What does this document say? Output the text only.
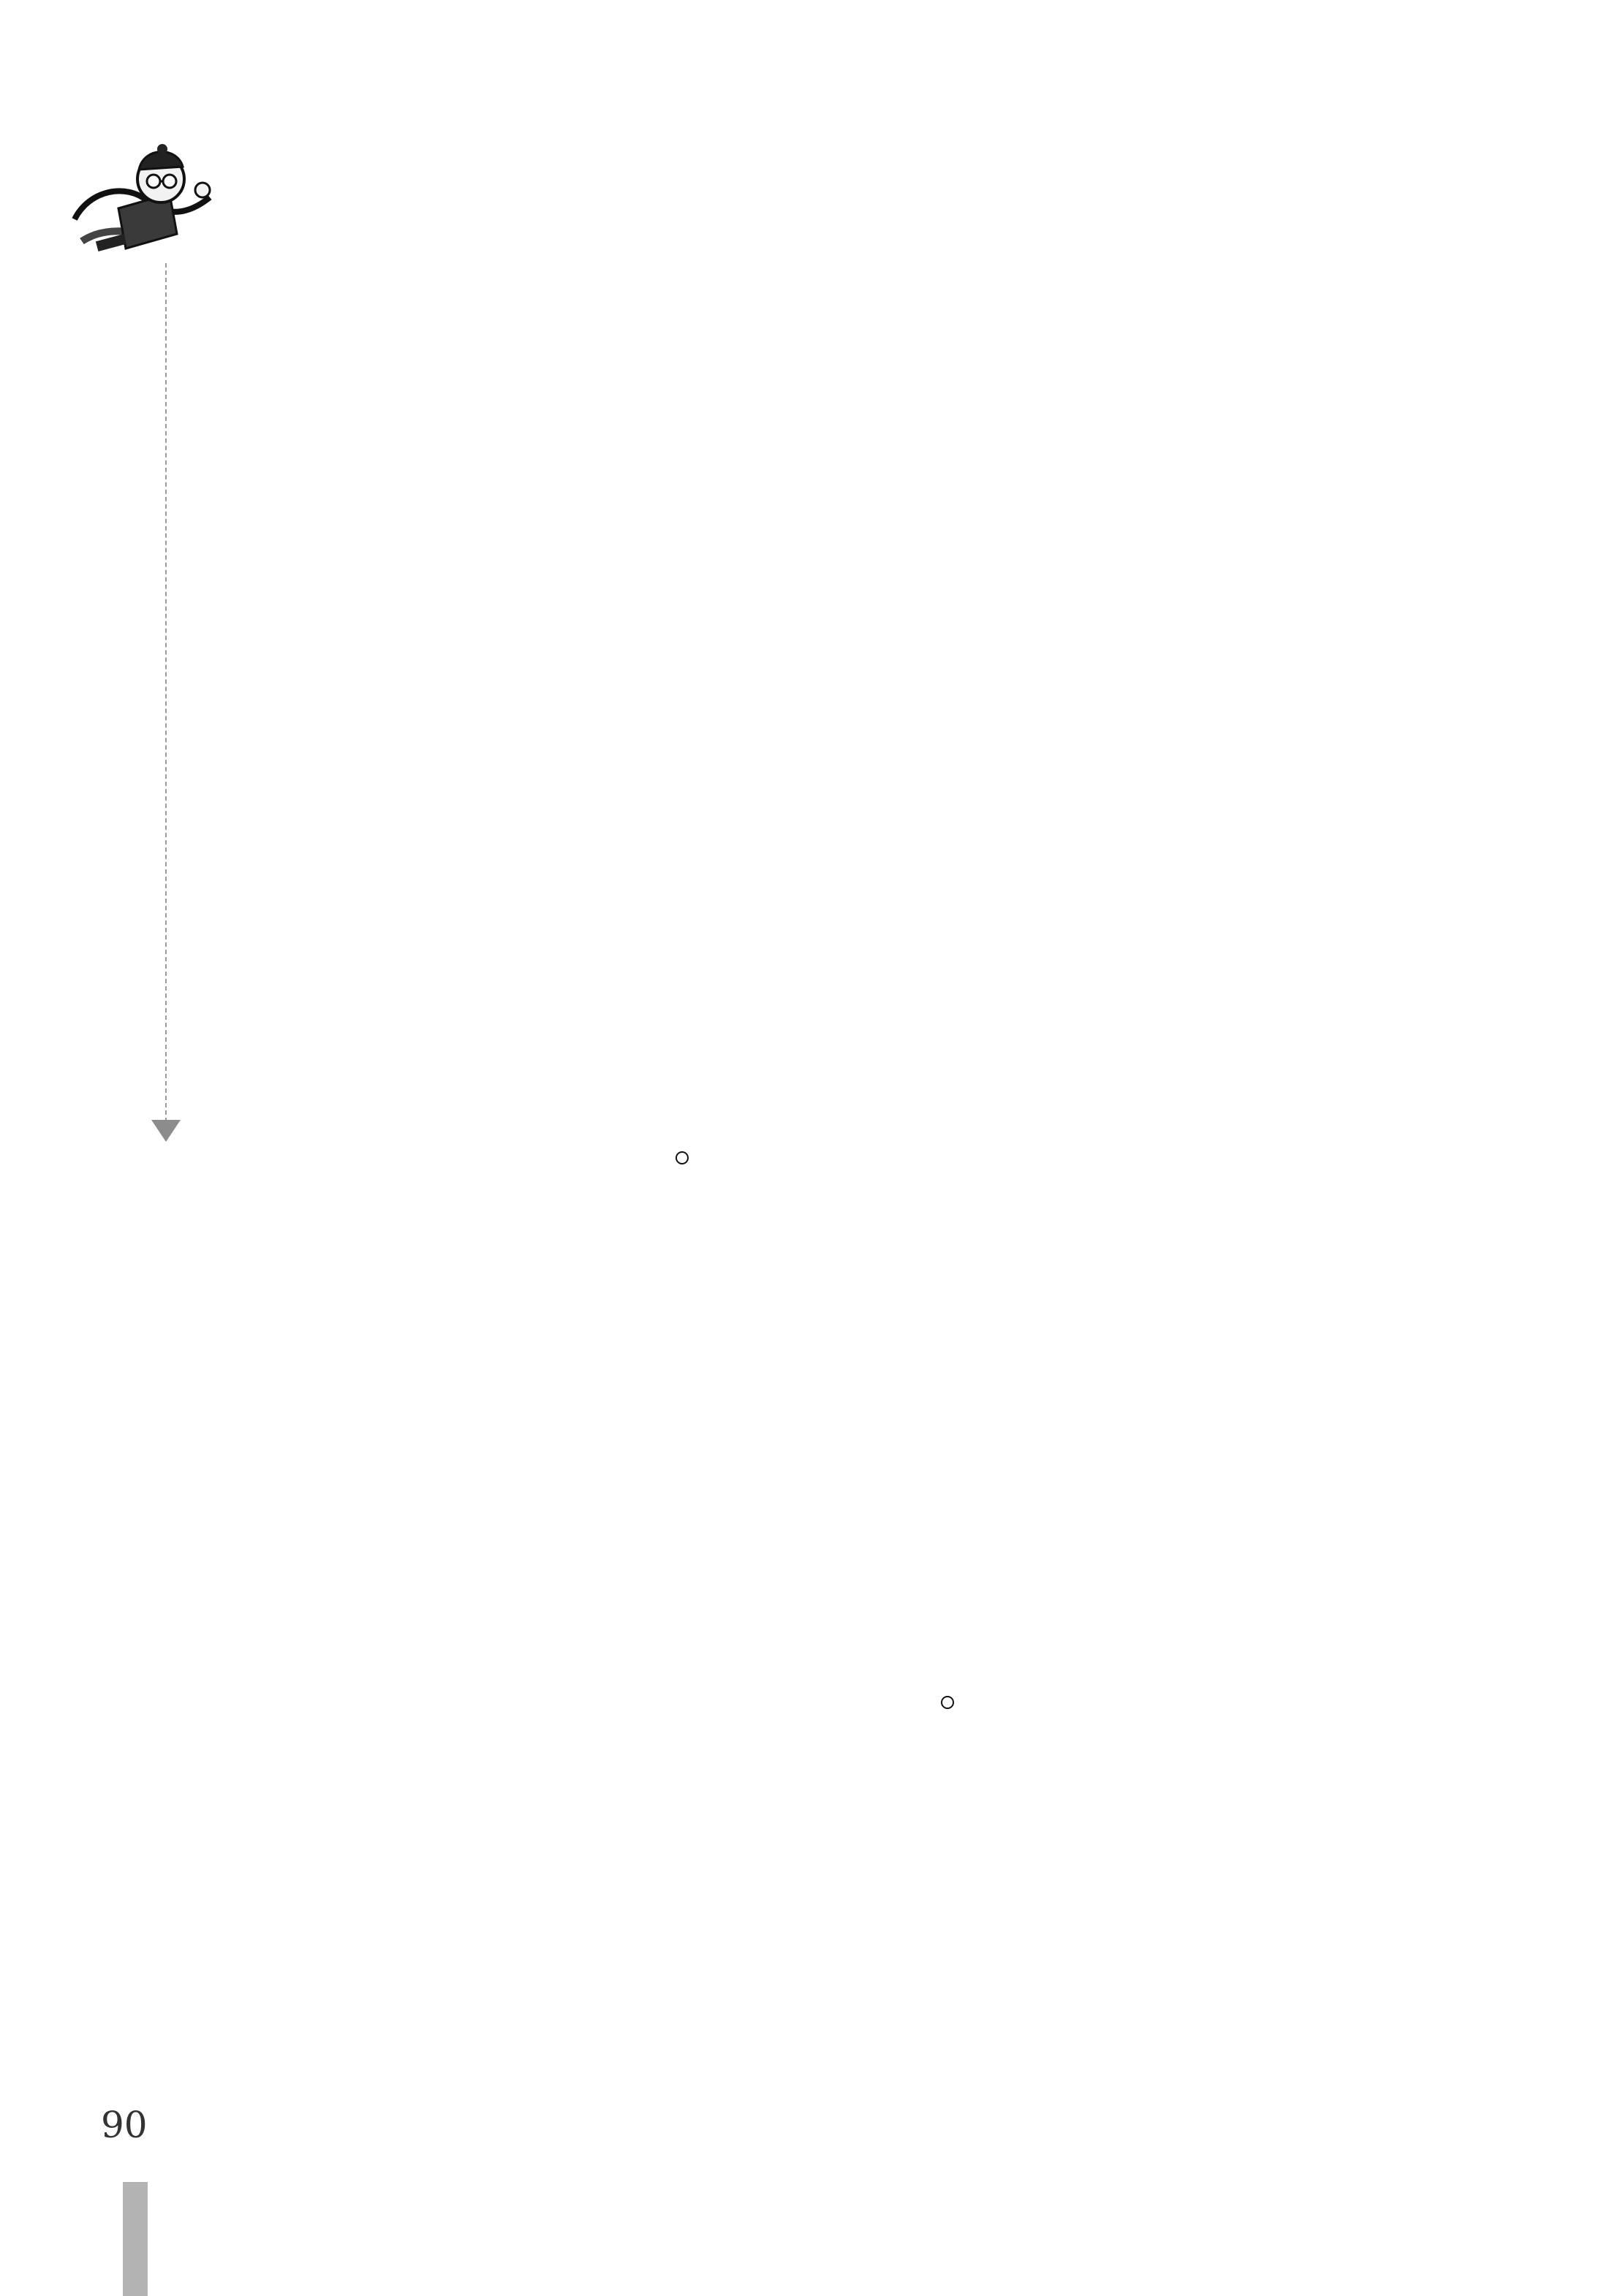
90
